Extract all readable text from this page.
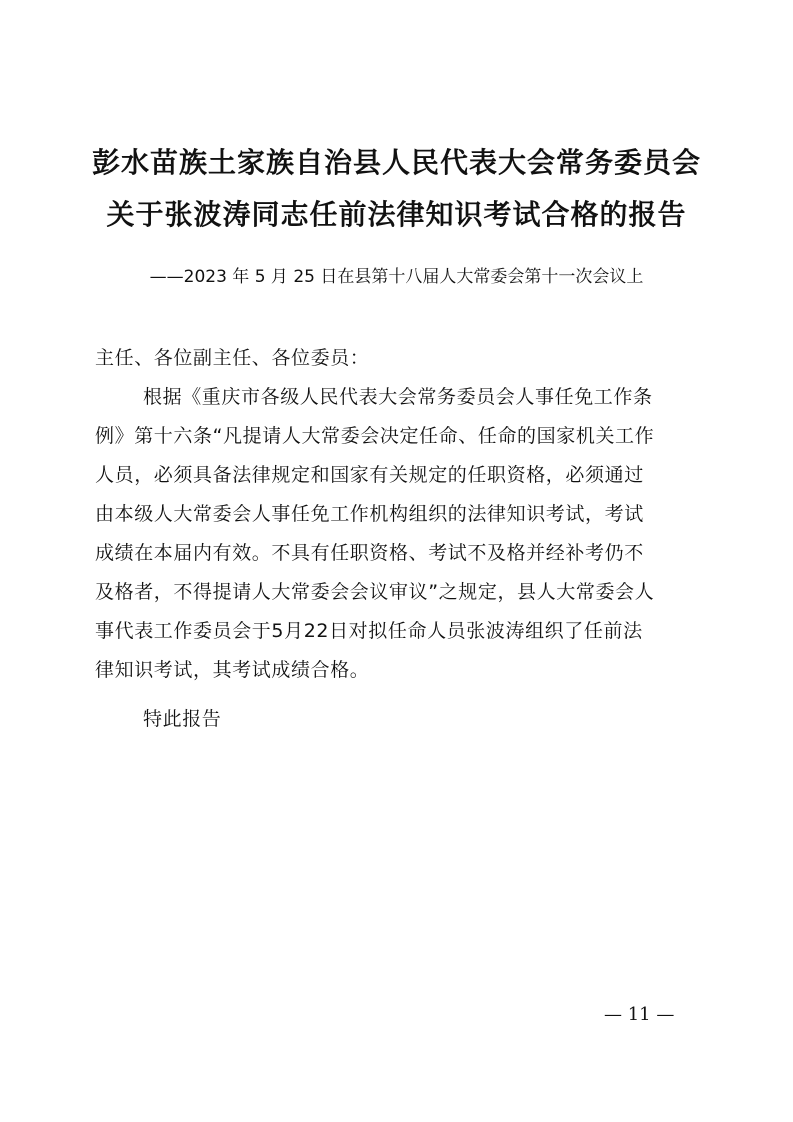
彭水苗族土家族自治县人民代表大会常务委员会
关于张波涛同志任前法律知识考试合格的报告
——2023 年 5 月 25 日在县第十八届人大常委会第十一次会议上
主任、各位副主任、各位委员：
根据《重庆市各级人民代表大会常务委员会人事任免工作条
例》第十六条“凡提请人大常委会决定任命、任命的国家机关工作
人员，必须具备法律规定和国家有关规定的任职资格，必须通过
由本级人大常委会人事任免工作机构组织的法律知识考试，考试
成绩在本届内有效。不具有任职资格、考试不及格并经补考仍不
及格者，不得提请人大常委会会议审议”之规定，县人大常委会人
事代表工作委员会于5月22日对拟任命人员张波涛组织了任前法
律知识考试，其考试成绩合格。
特此报告
— 11 —
